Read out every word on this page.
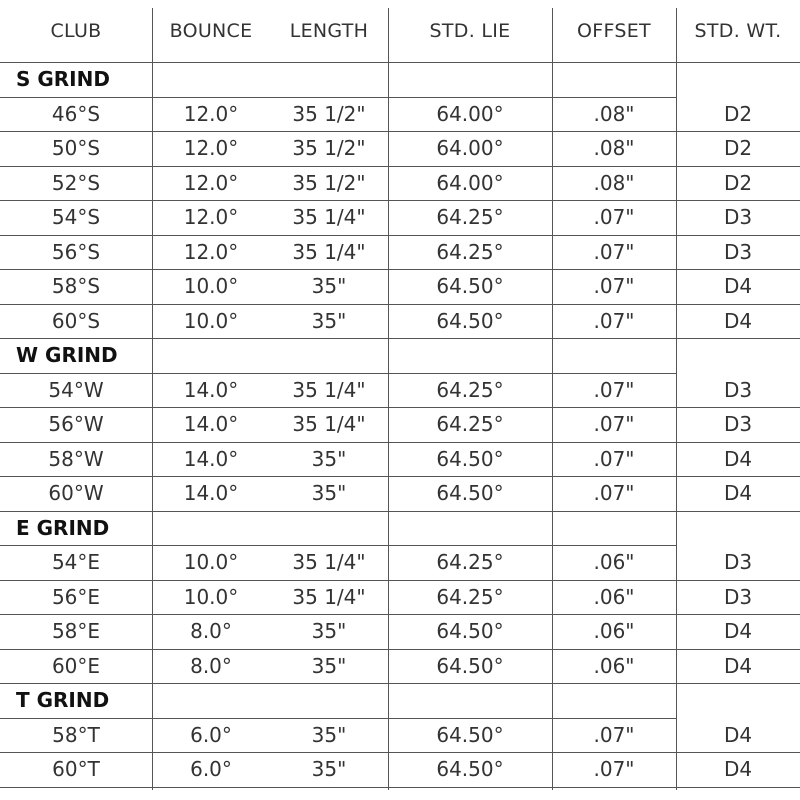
CLUB	BOUNCE	LENGTH	STD. LIE	OFFSET	STD. WT.
S GRIND
46°S	12.0°	35 1/2"	64.00°	.08"	D2
50°S	12.0°	35 1/2"	64.00°	.08"	D2
52°S	12.0°	35 1/2"	64.00°	.08"	D2
54°S	12.0°	35 1/4"	64.25°	.07"	D3
56°S	12.0°	35 1/4"	64.25°	.07"	D3
58°S	10.0°	35"	64.50°	.07"	D4
60°S	10.0°	35"	64.50°	.07"	D4
W GRIND
54°W	14.0°	35 1/4"	64.25°	.07"	D3
56°W	14.0°	35 1/4"	64.25°	.07"	D3
58°W	14.0°	35"	64.50°	.07"	D4
60°W	14.0°	35"	64.50°	.07"	D4
E GRIND
54°E	10.0°	35 1/4"	64.25°	.06"	D3
56°E	10.0°	35 1/4"	64.25°	.06"	D3
58°E	8.0°	35"	64.50°	.06"	D4
60°E	8.0°	35"	64.50°	.06"	D4
T GRIND
58°T	6.0°	35"	64.50°	.07"	D4
60°T	6.0°	35"	64.50°	.07"	D4
